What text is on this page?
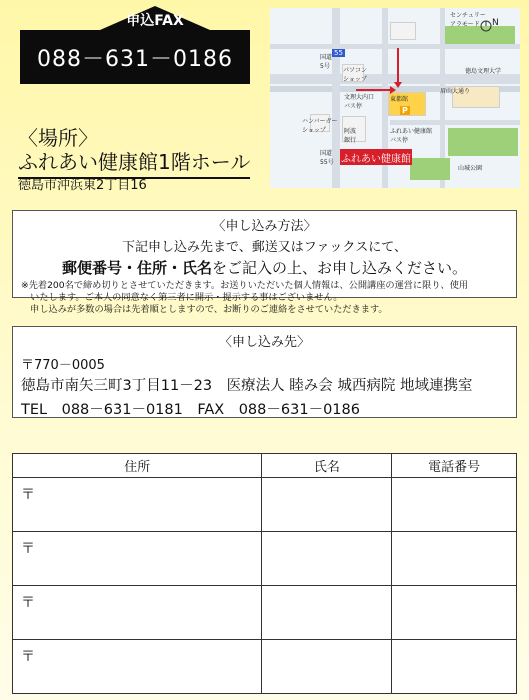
申込FAX
088－631－0186
〈場所〉
ふれあい健康館1階ホール
徳島市沖浜東2丁目16
55
センチュリー
アラモード
眉山大通り
徳島文理大学
パソコン
ショップ
文理大内口
バス停
東都館
ハンバーガー
ショップ	阿波
銀行
ふれあい健康館
バス停
山城公園
国道
5号
国道
55号
P
N
ふれあい健康館
〈申し込み方法〉
下記申し込み先まで、郵送又はファックスにて、
郵便番号・住所・氏名をご記入の上、お申し込みください。
※先着200名で締め切りとさせていただきます。お送りいただいた個人情報は、公開講座の運営に限り、使用
　いたします。ご本人の同意なく第三者に開示・提示する事はございません。
　申し込みが多数の場合は先着順としますので、お断りのご連絡をさせていただきます。
〈申し込み先〉
〒770－0005
徳島市南矢三町3丁目11－23　医療法人 睦み会 城西病院 地域連携室
TEL　088－631－0181　FAX　088－631－0186
住所	氏名	電話番号
〒		
〒		
〒		
〒		
